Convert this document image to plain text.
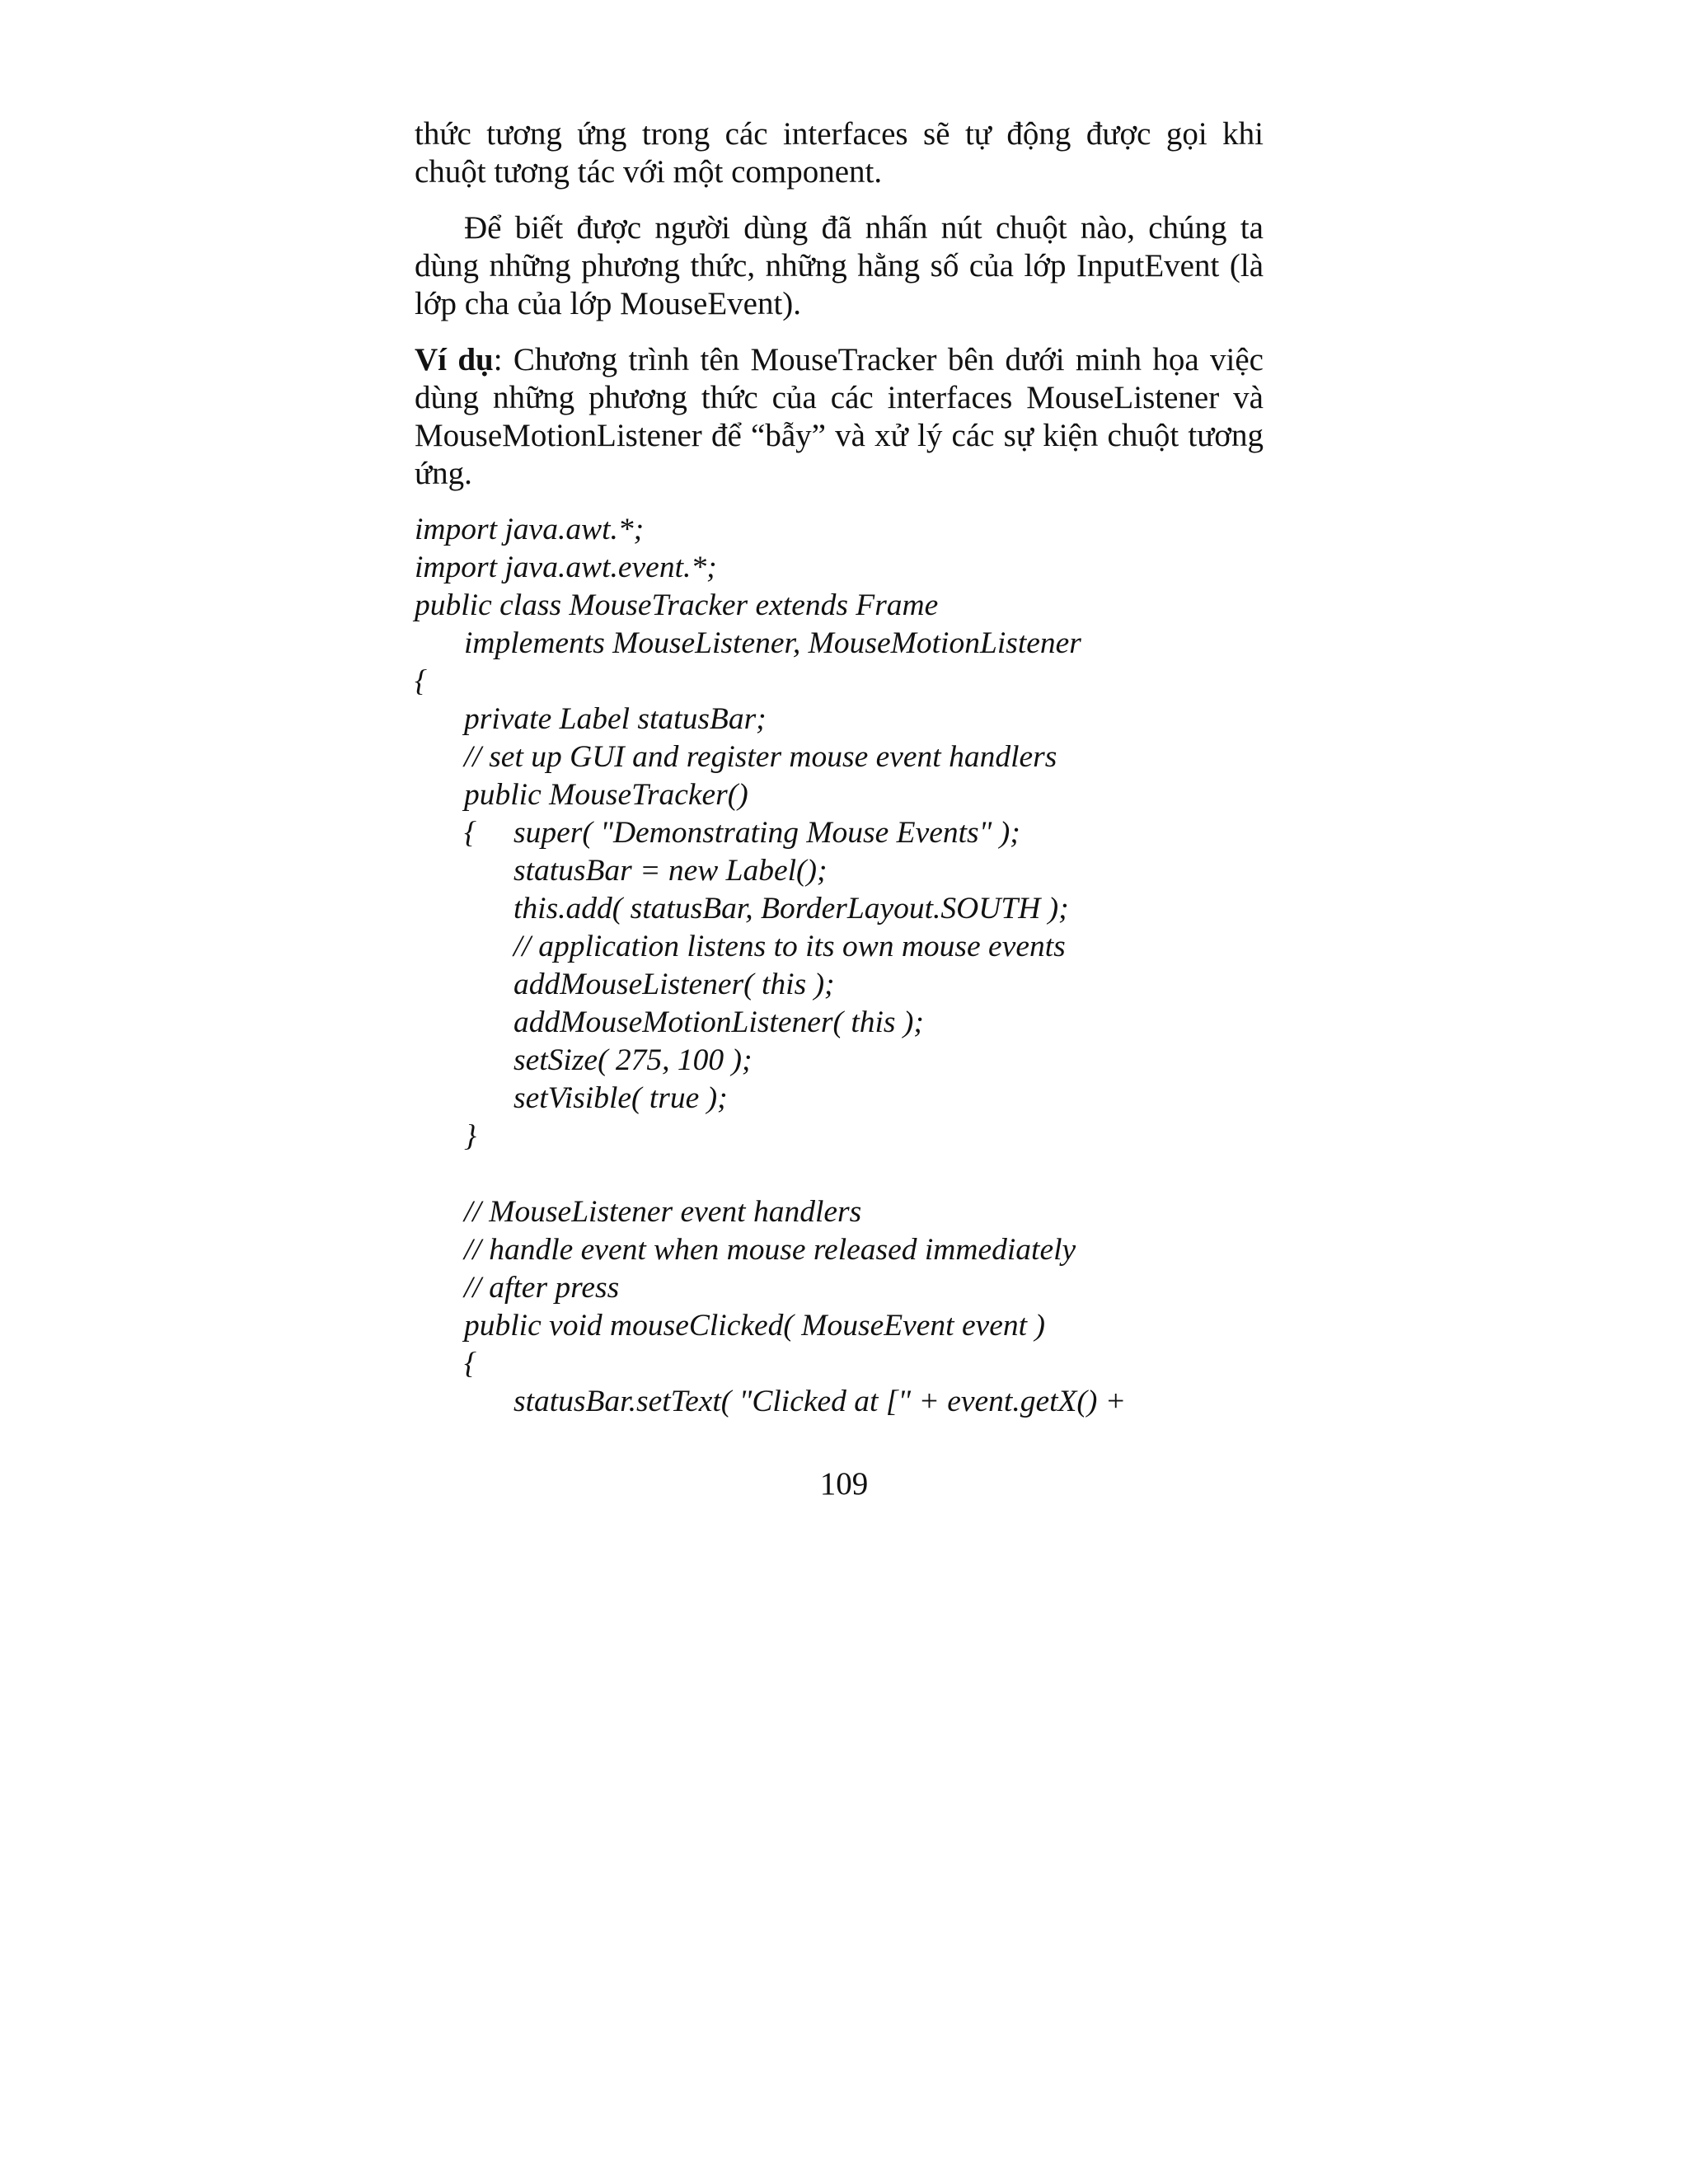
thức tương ứng trong các interfaces sẽ tự động được gọi khi chuột tương tác với một component.

Để biết được người dùng đã nhấn nút chuột nào, chúng ta dùng những phương thức, những hằng số của lớp InputEvent (là lớp cha của lớp MouseEvent).

Ví dụ: Chương trình tên MouseTracker bên dưới minh họa việc dùng những phương thức của các interfaces MouseListener và MouseMotionListener để “bẫy” và xử lý các sự kiện chuột tương ứng.

import java.awt.*;
import java.awt.event.*;
public class MouseTracker extends Frame
implements MouseListener, MouseMotionListener
{
private Label statusBar;
// set up GUI and register mouse event handlers
public MouseTracker()
{ super( "Demonstrating Mouse Events" );
statusBar = new Label();
this.add( statusBar, BorderLayout.SOUTH );
// application listens to its own mouse events
addMouseListener( this );
addMouseMotionListener( this );
setSize( 275, 100 );
setVisible( true );
}
// MouseListener event handlers
// handle event when mouse released immediately
// after press
public void mouseClicked( MouseEvent event )
{
statusBar.setText( "Clicked at [" + event.getX() +
109
